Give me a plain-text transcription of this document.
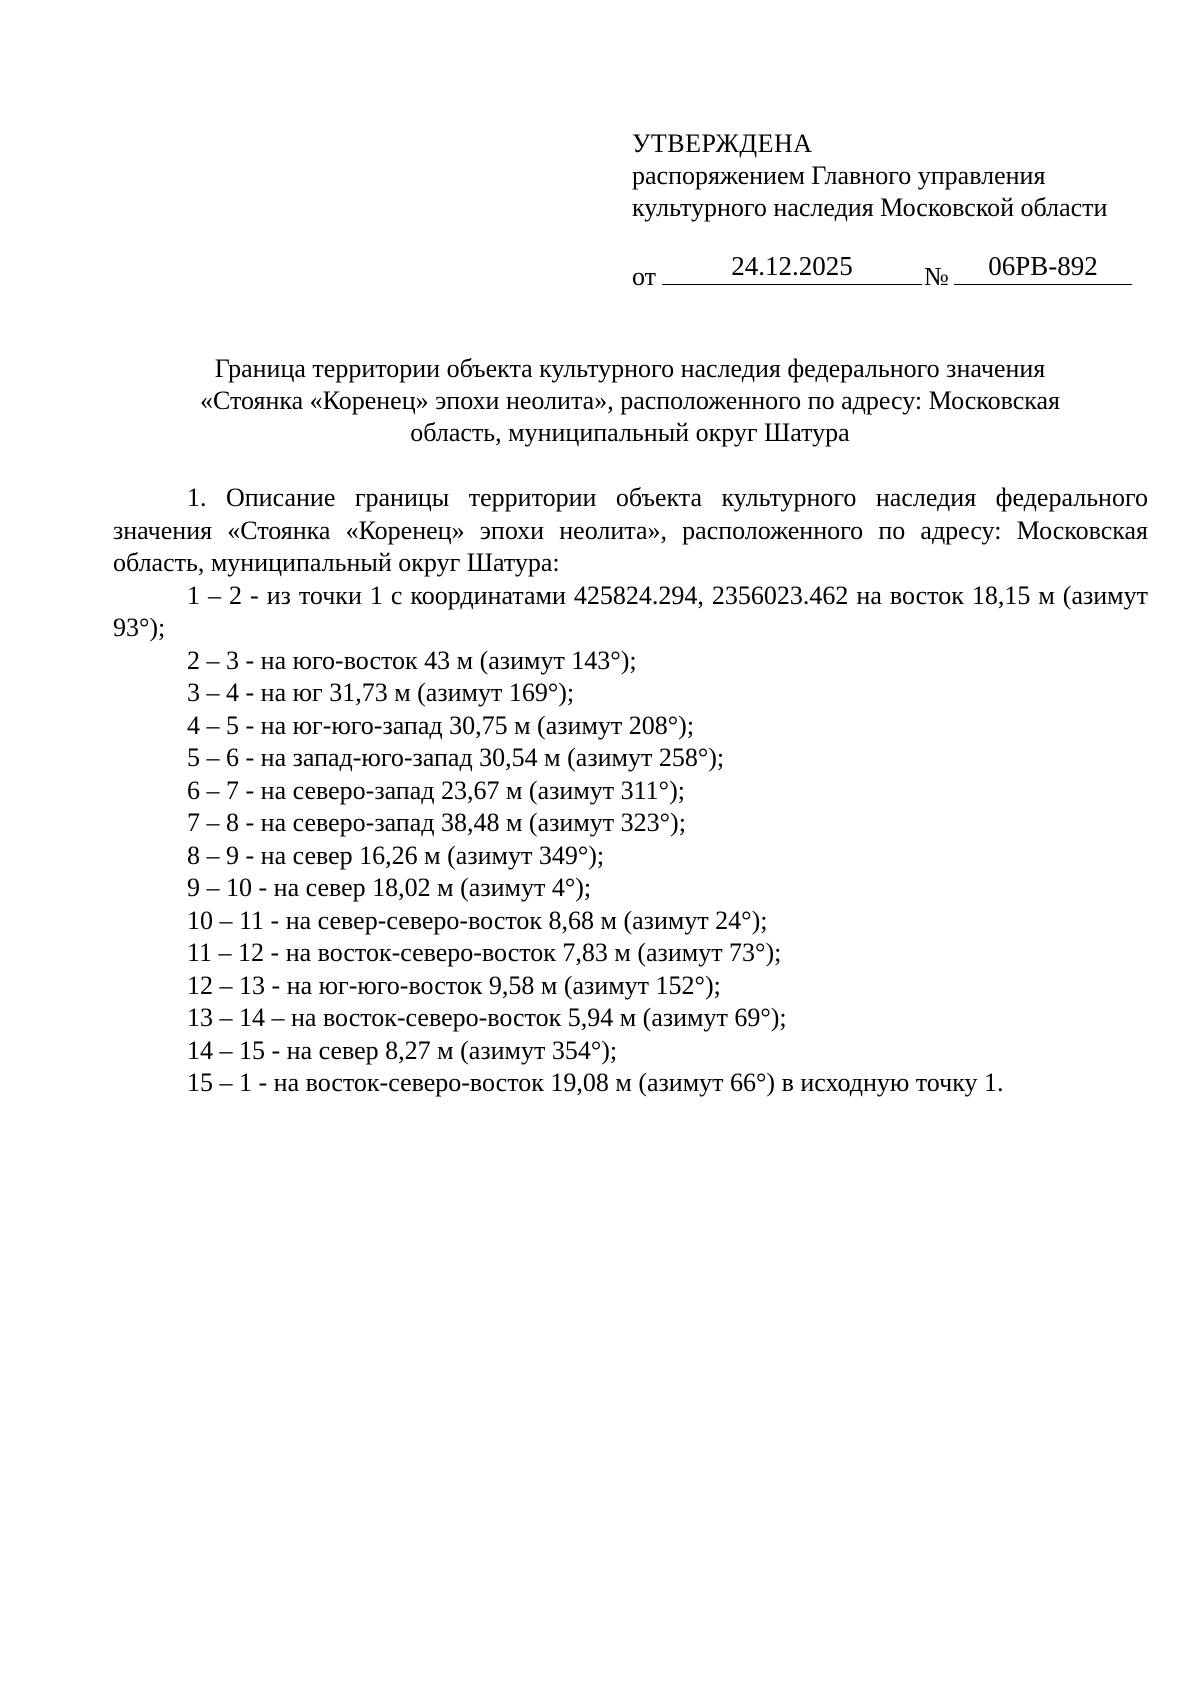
УТВЕРЖДЕНА
распоряжением Главного управления
культурного наследия Московской области
от	24.12.2025	№	06РВ-892
Граница территории объекта культурного наследия федерального значения
«Стоянка «Коренец» эпохи неолита», расположенного по адресу: Московская
область, муниципальный округ Шатура
1. Описание границы территории объекта культурного наследия федерального значения «Стоянка «Коренец» эпохи неолита», расположенного по адресу: Московская область, муниципальный округ Шатура:
1 – 2 - из точки 1 с координатами 425824.294, 2356023.462 на восток 18,15 м (азимут 93°);
2 – 3 - на юго-восток 43 м (азимут 143°);
3 – 4 - на юг 31,73 м (азимут 169°);
4 – 5 - на юг-юго-запад 30,75 м (азимут 208°);
5 – 6 - на запад-юго-запад 30,54 м (азимут 258°);
6 – 7 - на северо-запад 23,67 м (азимут 311°);
7 – 8 - на северо-запад 38,48 м (азимут 323°);
8 – 9 - на север 16,26 м (азимут 349°);
9 – 10 - на север 18,02 м (азимут 4°);
10 – 11 - на север-северо-восток 8,68 м (азимут 24°);
11 – 12 - на восток-северо-восток 7,83 м (азимут 73°);
12 – 13 - на юг-юго-восток 9,58 м (азимут 152°);
13 – 14 – на восток-северо-восток 5,94 м (азимут 69°);
14 – 15 - на север 8,27 м (азимут 354°);
15 – 1 - на восток-северо-восток 19,08 м (азимут 66°) в исходную точку 1.
